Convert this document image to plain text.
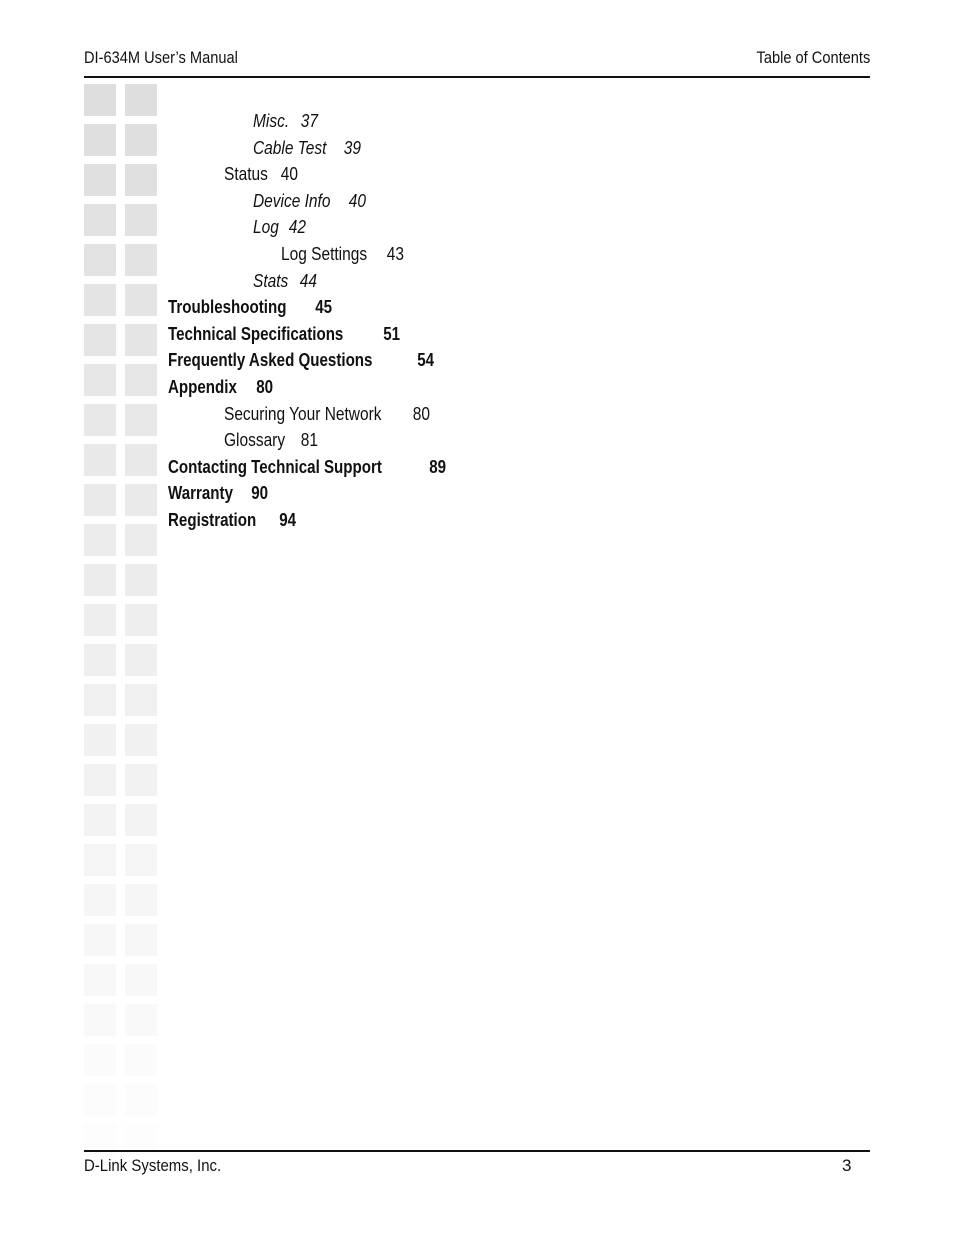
DI-634M User’s Manual	Table of Contents
Misc. 37
Cable Test 39
Status 40
Device Info 40
Log 42
Log Settings 43
Stats 44
Troubleshooting 45
Technical Specifications 51
Frequently Asked Questions	54
Appendix 80
Securing Your Network 80
Glossary 81
Contacting Technical Support	89
Warranty 90
Registration 94
D-Link Systems, Inc.	3
